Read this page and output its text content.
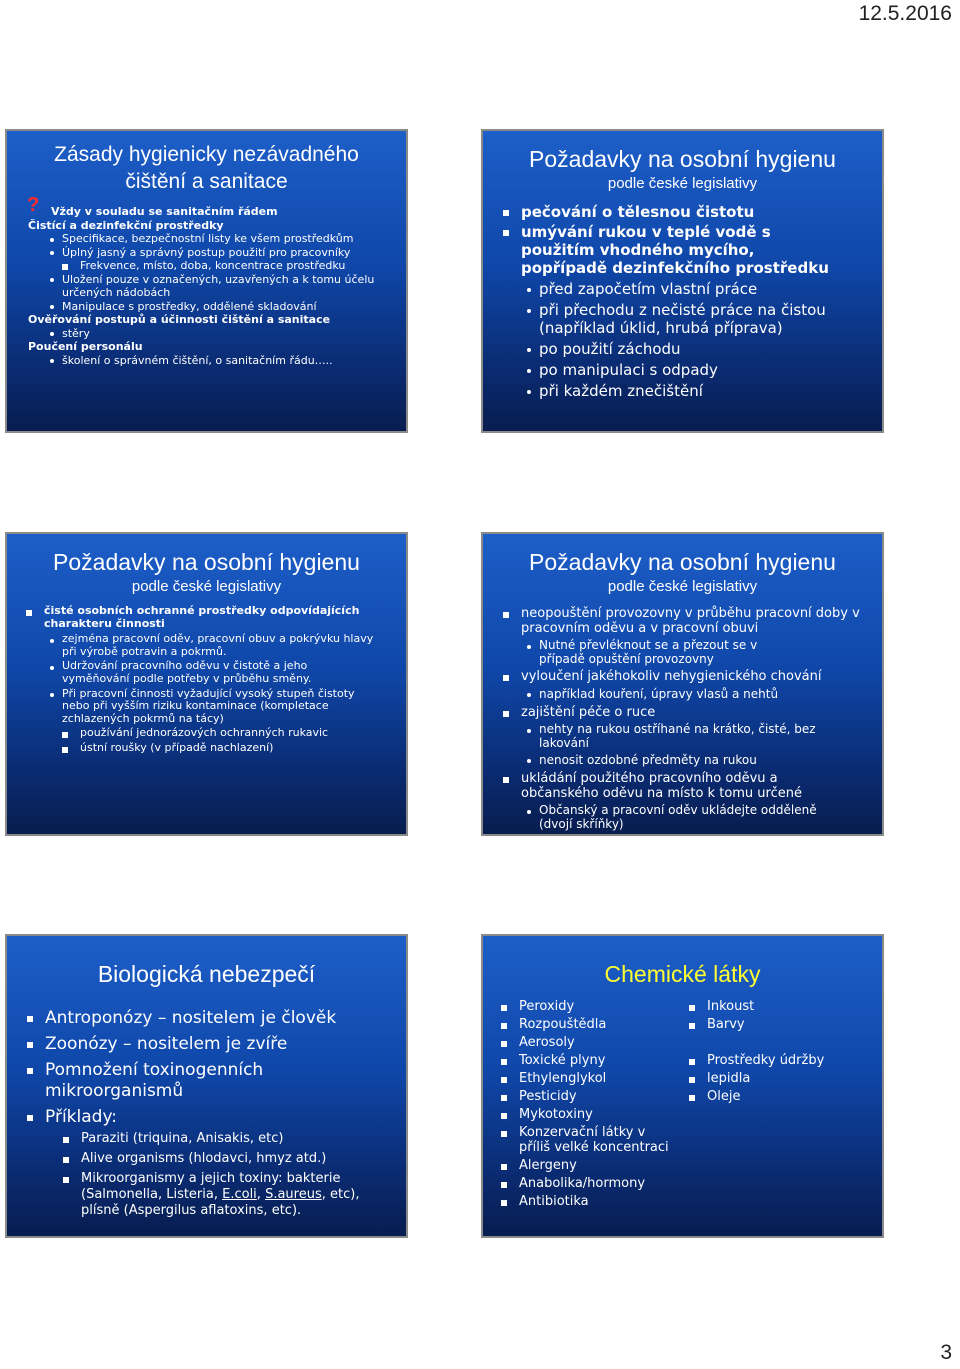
12.5.2016
Zásady hygienicky nezávadného čištění a sanitace
? Vždy v souladu se sanitačním řádem
Čistící a dezinfekční prostředky
Specifikace, bezpečnostní listy ke všem prostředkům
Úplný jasný a správný postup použití pro pracovníky
Frekvence, místo, doba, koncentrace prostředku
Uložení pouze v označených, uzavřených a k tomu účelu určených nádobách
Manipulace s prostředky, oddělené skladování
Ověřování postupů a účinnosti čištění a sanitace
stěry
Poučení personálu
školení o správném čištění, o sanitačním řádu…..
Požadavky na osobní hygienu
podle české legislativy
pečování o tělesnou čistotu
umývání rukou v teplé vodě s použitím vhodného mycího, popřípadě dezinfekčního prostředku
před započetím vlastní práce
při přechodu z nečisté práce na čistou (například úklid, hrubá příprava)
po použití záchodu
po manipulaci s odpady
při každém znečištění
Požadavky na osobní hygienu
podle české legislativy
čisté osobních ochranné prostředky odpovídajících charakteru činnosti
zejména pracovní oděv, pracovní obuv a pokrývku hlavy při výrobě potravin a pokrmů.
Udržování pracovního oděvu v čistotě a jeho vyměňování podle potřeby v průběhu směny.
Při pracovní činnosti vyžadující vysoký stupeň čistoty nebo při vyšším riziku kontaminace (kompletace zchlazených pokrmů na tácy)
používání jednorázových ochranných rukavic
ústní roušky (v případě nachlazení)
Požadavky na osobní hygienu
podle české legislativy
neopouštění provozovny v průběhu pracovní doby v pracovním oděvu a v pracovní obuvi
Nutné převléknout se a přezout se v případě opuštění provozovny
vyloučení jakéhokoliv nehygienického chování
například kouření, úpravy vlasů a nehtů
zajištění péče o ruce
nehty na rukou ostříhané na krátko, čisté, bez lakování
nenosit ozdobné předměty na rukou
ukládání použitého pracovního oděvu a občanského oděvu na místo k tomu určené
Občanský a pracovní oděv ukládejte odděleně (dvojí skříňky)
Biologická nebezpečí
Antroponózy – nositelem je člověk
Zoonózy – nositelem je zvíře
Pomnožení toxinogenních mikroorganismů
Příklady:
Paraziti (triquina, Anisakis, etc)
Alive organisms (hlodavci, hmyz atd.)
Mikroorganismy a jejich toxiny: bakterie (Salmonella, Listeria, E.coli, S.aureus, etc), plísně (Aspergilus aflatoxins, etc).
Chemické látky
Peroxidy
Rozpouštědla
Aerosoly
Toxické plyny
Ethylenglykol
Pesticidy
Mykotoxiny
Konzervační látky v příliš velké koncentraci
Alergeny
Anabolika/hormony
Antibiotika
Inkoust
Barvy
Prostředky údržby
lepidla
Oleje
3
